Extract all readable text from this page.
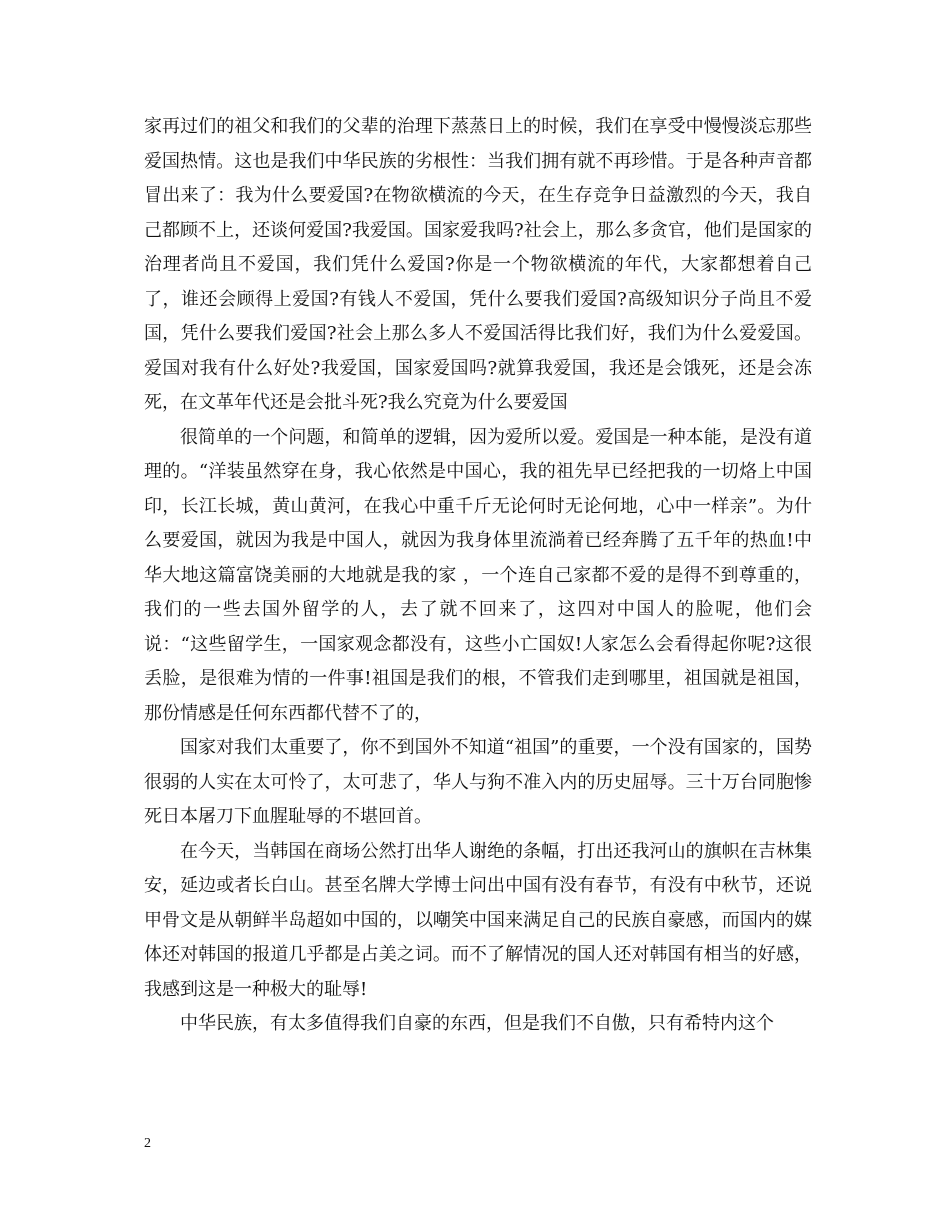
家再过们的祖父和我们的父辈的治理下蒸蒸日上的时候，我们在享受中慢慢淡忘那些爱国热情。这也是我们中华民族的劣根性：当我们拥有就不再珍惜。于是各种声音都冒出来了：我为什么要爱国?在物欲横流的今天，在生存竞争日益激烈的今天，我自己都顾不上，还谈何爱国?我爱国。国家爱我吗?社会上，那么多贪官，他们是国家的治理者尚且不爱国，我们凭什么爱国?你是一个物欲横流的年代，大家都想着自己了，谁还会顾得上爱国?有钱人不爱国，凭什么要我们爱国?高级知识分子尚且不爱国，凭什么要我们爱国?社会上那么多人不爱国活得比我们好，我们为什么爱爱国。爱国对我有什么好处?我爱国，国家爱国吗?就算我爱国，我还是会饿死，还是会冻死，在文革年代还是会批斗死?我么究竟为什么要爱国

很简单的一个问题，和简单的逻辑，因为爱所以爱。爱国是一种本能，是没有道理的。“洋装虽然穿在身，我心依然是中国心，我的祖先早已经把我的一切烙上中国印，长江长城，黄山黄河，在我心中重千斤无论何时无论何地，心中一样亲”。为什么要爱国，就因为我是中国人，就因为我身体里流淌着已经奔腾了五千年的热血!中华大地这篇富饶美丽的大地就是我的家 ，一个连自己家都不爱的是得不到尊重的，我们的一些去国外留学的人，去了就不回来了，这四对中国人的脸呢，他们会说：“这些留学生，一国家观念都没有，这些小亡国奴!人家怎么会看得起你呢?这很丢脸，是很难为情的一件事!祖国是我们的根，不管我们走到哪里，祖国就是祖国，那份情感是任何东西都代替不了的，

国家对我们太重要了，你不到国外不知道“祖国”的重要，一个没有国家的，国势很弱的人实在太可怜了，太可悲了，华人与狗不准入内的历史屈辱。三十万台同胞惨死日本屠刀下血腥耻辱的不堪回首。

在今天，当韩国在商场公然打出华人谢绝的条幅，打出还我河山的旗帜在吉林集安，延边或者长白山。甚至名牌大学博士问出中国有没有春节，有没有中秋节，还说甲骨文是从朝鲜半岛超如中国的，以嘲笑中国来满足自己的民族自豪感，而国内的媒体还对韩国的报道几乎都是占美之词。而不了解情况的国人还对韩国有相当的好感，我感到这是一种极大的耻辱!

中华民族，有太多值得我们自豪的东西，但是我们不自傲，只有希特内这个

2
